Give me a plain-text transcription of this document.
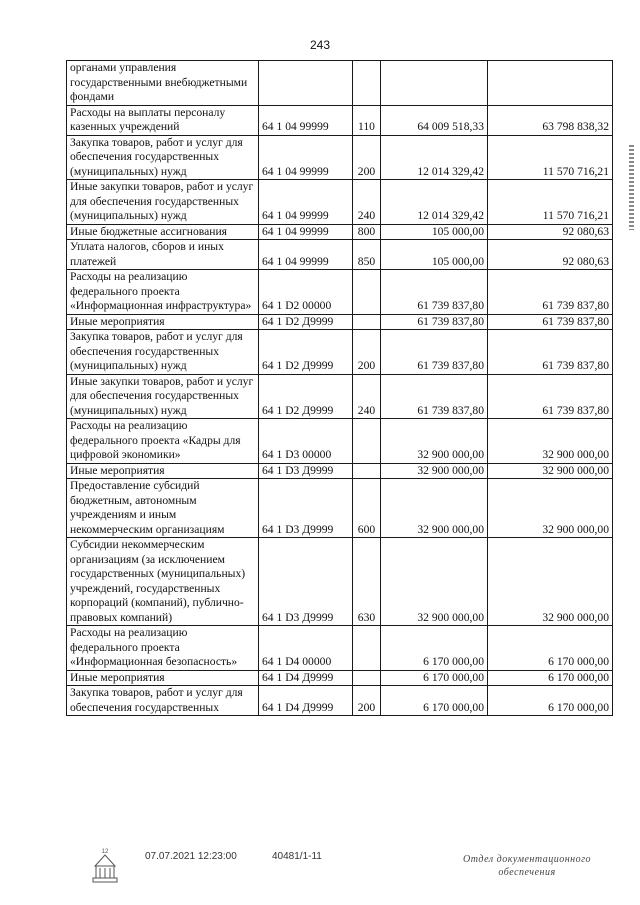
243
органами управления государственными внебюджетными фондами				
Расходы на выплаты персоналу казенных учреждений	64 1 04 99999	110	64 009 518,33	63 798 838,32
Закупка товаров, работ и услуг для обеспечения государственных (муниципальных) нужд	64 1 04 99999	200	12 014 329,42	11 570 716,21
Иные закупки товаров, работ и услуг для обеспечения государственных (муниципальных) нужд	64 1 04 99999	240	12 014 329,42	11 570 716,21
Иные бюджетные ассигнования	64 1 04 99999	800	105 000,00	92 080,63
Уплата налогов, сборов и иных платежей	64 1 04 99999	850	105 000,00	92 080,63
Расходы на реализацию федерального проекта «Информационная инфраструктура»	64 1 D2 00000		61 739 837,80	61 739 837,80
Иные мероприятия	64 1 D2 Д9999		61 739 837,80	61 739 837,80
Закупка товаров, работ и услуг для обеспечения государственных (муниципальных) нужд	64 1 D2 Д9999	200	61 739 837,80	61 739 837,80
Иные закупки товаров, работ и услуг для обеспечения государственных (муниципальных) нужд	64 1 D2 Д9999	240	61 739 837,80	61 739 837,80
Расходы на реализацию федерального проекта «Кадры для цифровой экономики»	64 1 D3 00000		32 900 000,00	32 900 000,00
Иные мероприятия	64 1 D3 Д9999		32 900 000,00	32 900 000,00
Предоставление субсидий бюджетным, автономным учреждениям и иным некоммерческим организациям	64 1 D3 Д9999	600	32 900 000,00	32 900 000,00
Субсидии некоммерческим организациям (за исключением государственных (муниципальных) учреждений, государственных корпораций (компаний), публично-правовых компаний)	64 1 D3 Д9999	630	32 900 000,00	32 900 000,00
Расходы на реализацию федерального проекта «Информационная безопасность»	64 1 D4 00000		6 170 000,00	6 170 000,00
Иные мероприятия	64 1 D4 Д9999		6 170 000,00	6 170 000,00
Закупка товаров, работ и услуг для обеспечения государственных	64 1 D4 Д9999	200	6 170 000,00	6 170 000,00
12	07.07.2021 12:23:00	40481/1-11	Отдел документационного
обеспечения
